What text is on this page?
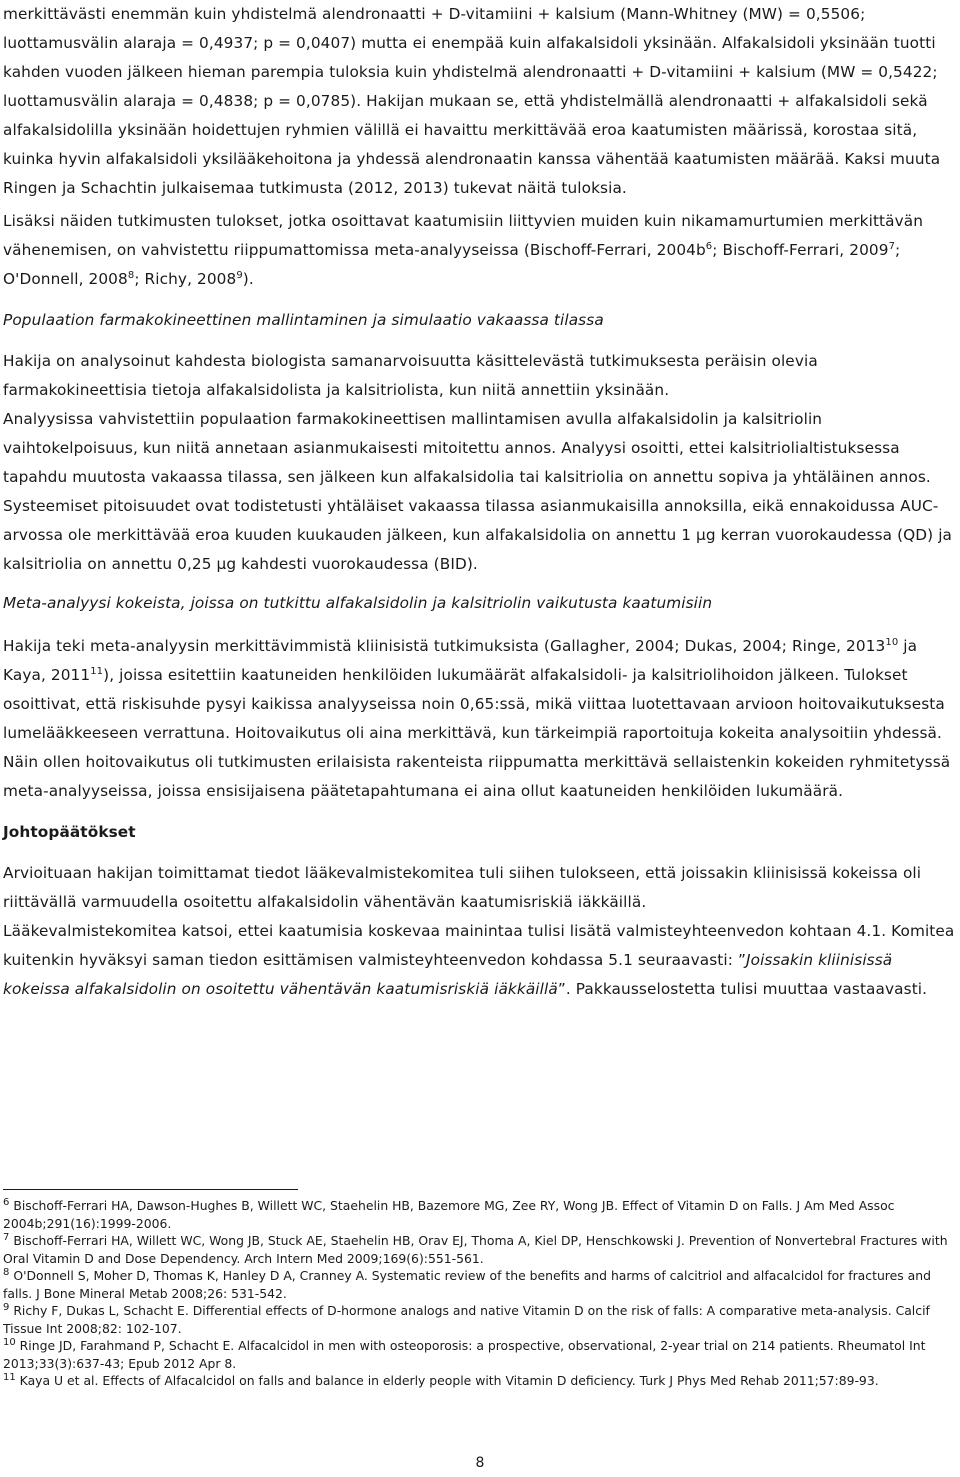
merkittävästi enemmän kuin yhdistelmä alendronaatti + D-vitamiini + kalsium (Mann-Whitney (MW) = 0,5506; luottamusvälin alaraja = 0,4937; p = 0,0407) mutta ei enempää kuin alfakalsidoli yksinään. Alfakalsidoli yksinään tuotti kahden vuoden jälkeen hieman parempia tuloksia kuin yhdistelmä alendronaatti + D-vitamiini + kalsium (MW = 0,5422; luottamusvälin alaraja = 0,4838; p = 0,0785). Hakijan mukaan se, että yhdistelmällä alendronaatti + alfakalsidoli sekä alfakalsidolilla yksinään hoidettujen ryhmien välillä ei havaittu merkittävää eroa kaatumisten määrissä, korostaa sitä, kuinka hyvin alfakalsidoli yksilääkehoitona ja yhdessä alendronaatin kanssa vähentää kaatumisten määrää. Kaksi muuta Ringen ja Schachtin julkaisemaa tutkimusta (2012, 2013) tukevat näitä tuloksia.

Lisäksi näiden tutkimusten tulokset, jotka osoittavat kaatumisiin liittyvien muiden kuin nikamamurtumien merkittävän vähenemisen, on vahvistettu riippumattomissa meta-analyyseissa (Bischoff-Ferrari, $2004b^6$; Bischoff-Ferrari, 2009$^7$; O'Donnell, 2008$^8$; Richy, 2008$^9$).

Populaation farmakokineettinen mallintaminen ja simulaatio vakaassa tilassa

Hakija on analysoinut kahdesta biologista samanarvoisuutta käsittelevästä tutkimuksesta peräisin olevia farmakokineettisia tietoja alfakalsidolista ja kalsitriolista, kun niitä annettiin yksinään.

Analyysissa vahvistettiin populaation farmakokineettisen mallintamisen avulla alfakalsidolin ja kalsitriolin vaihtokelpoisuus, kun niitä annetaan asianmukaisesti mitoitettu annos. Analyysi osoitti, ettei kalsitriolialtistuksessa tapahdu muutosta vakaassa tilassa, sen jälkeen kun alfakalsidolia tai kalsitriolia on annettu sopiva ja yhtäläinen annos. Systeemiset pitoisuudet ovat todistetusti yhtäläiset vakaassa tilassa asianmukaisilla annoksilla, eikä ennakoidussa AUC-arvossa ole merkittävää eroa kuuden kuukauden jälkeen, kun alfakalsidolia on annettu 1 µg kerran vuorokaudessa (QD) ja kalsitriolia on annettu 0,25 µg kahdesti vuorokaudessa (BID).

Meta-analyysi kokeista, joissa on tutkittu alfakalsidolin ja kalsitriolin vaikutusta kaatumisiin

Hakija teki meta-analyysin merkittävimmistä kliinisistä tutkimuksista (Gallagher, 2004; Dukas, 2004; Ringe, 2013$^{10}$ ja Kaya, 2011$^{11}$), joissa esitettiin kaatuneiden henkilöiden lukumäärät alfakalsidoli- ja kalsitriolihoidon jälkeen. Tulokset osoittivat, että riskisuhde pysyi kaikissa analyyseissa noin 0,65:ssä, mikä viittaa luotettavaan arvioon hoitovaikutuksesta lumelääkkeeseen verrattuna. Hoitovaikutus oli aina merkittävä, kun tärkeimpiä raportoituja kokeita analysoitiin yhdessä. Näin ollen hoitovaikutus oli tutkimusten erilaisista rakenteista riippumatta merkittävä sellaistenkin kokeiden ryhmitetyssä meta-analyyseissa, joissa ensisijaisena päätetapahtumana ei aina ollut kaatuneiden henkilöiden lukumäärä.

Johtopäätökset

Arvioituaan hakijan toimittamat tiedot lääkevalmistekomitea tuli siihen tulokseen, että joissakin kliinisissä kokeissa oli riittävällä varmuudella osoitettu alfakalsidolin vähentävän kaatumisriskiä iäkkäillä.

Lääkevalmistekomitea katsoi, ettei kaatumisia koskevaa mainintaa tulisi lisätä valmisteyhteenvedon kohtaan 4.1. Komitea kuitenkin hyväksyi saman tiedon esittämisen valmisteyhteenvedon kohdassa 5.1 seuraavasti: ”Joissakin kliinisissä kokeissa alfakalsidolin on osoitettu vähentävän kaatumisriskiä iäkkäillä”. Pakkausselostetta tulisi muuttaa vastaavasti.

$^6$ Bischoff-Ferrari HA, Dawson-Hughes B, Willett WC, Staehelin HB, Bazemore MG, Zee RY, Wong JB. Effect of Vitamin D on Falls. J Am Med Assoc 2004b;291(16):1999-2006.

$^7$ Bischoff-Ferrari HA, Willett WC, Wong JB, Stuck AE, Staehelin HB, Orav EJ, Thoma A, Kiel DP, Henschkowski J. Prevention of Nonvertebral Fractures with Oral Vitamin D and Dose Dependency. Arch Intern Med 2009;169(6):551-561.

$^8$ O'Donnell S, Moher D, Thomas K, Hanley D A, Cranney A. Systematic review of the benefits and harms of calcitriol and alfacalcidol for fractures and falls. J Bone Mineral Metab 2008;26: 531-542.

$^9$ Richy F, Dukas L, Schacht E. Differential effects of D-hormone analogs and native Vitamin D on the risk of falls: A comparative meta-analysis. Calcif Tissue Int 2008;82: 102-107.

$^{10}$ Ringe JD, Farahmand P, Schacht E. Alfacalcidol in men with osteoporosis: a prospective, observational, 2-year trial on 214 patients. Rheumatol Int 2013;33(3):637-43; Epub 2012 Apr 8.

$^{11}$ Kaya U et al. Effects of Alfacalcidol on falls and balance in elderly people with Vitamin D deficiency. Turk J Phys Med Rehab 2011;57:89-93.

8
